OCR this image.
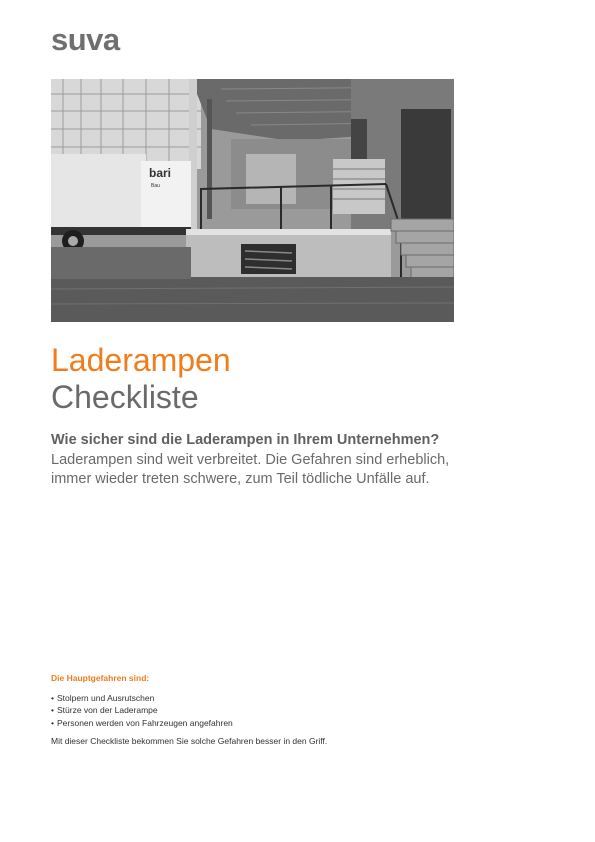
suva
bari
Bau
Laderampen
Checkliste
Wie sicher sind die Laderampen in Ihrem Unternehmen?
Laderampen sind weit verbreitet. Die Gefahren sind erheblich, immer wieder treten schwere, zum Teil tödliche Unfälle auf.
Die Hauptgefahren sind:
• Stolpern und Ausrutschen
• Stürze von der Laderampe
• Personen werden von Fahrzeugen angefahren
Mit dieser Checkliste bekommen Sie solche Gefahren besser in den Griff.
